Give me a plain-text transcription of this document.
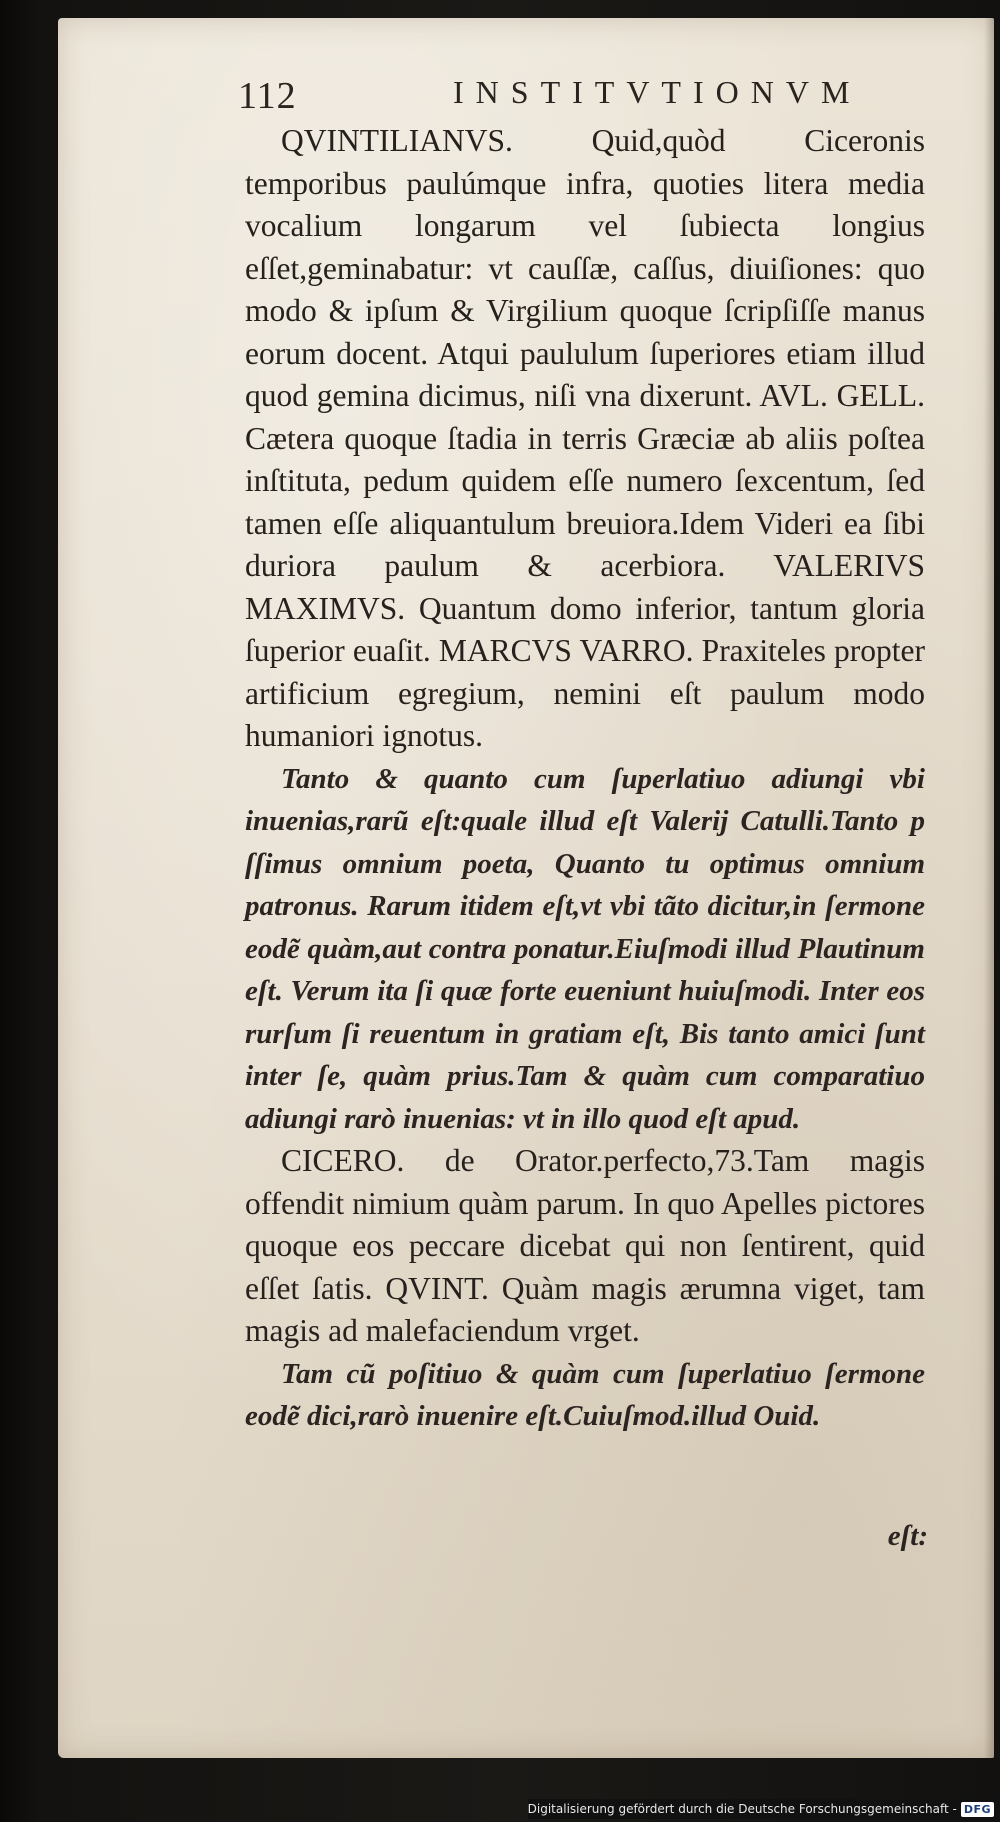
112	INSTITVTIONVM

QVINTILIANVS. Quid,quòd Ciceronis temporibus paulúmque infra, quoties litera media vocalium longarum vel ſubiecta longius eſſet,geminabatur: vt cauſſæ, caſſus, diuiſiones: quo modo & ipſum & Virgilium quoque ſcripſiſſe manus eorum docent. Atqui paululum ſuperiores etiam illud quod gemina dicimus, niſi vna dixerunt. AVL. GELL. Cætera quoque ſtadia in terris Græciæ ab aliis poſtea inſtituta, pedum quidem eſſe numero ſexcentum, ſed tamen eſſe aliquantulum breuiora.Idem Videri ea ſibi duriora paulum & acerbiora. VALERIVS MAXIMVS. Quantum domo inferior, tantum gloria ſuperior euaſit. MARCVS VARRO. Praxiteles propter artificium egregium, nemini eſt paulum modo humaniori ignotus.

Tanto & quanto cum ſuperlatiuo adiungi vbi inuenias,rarũ eſt:quale illud eſt Valerij Catulli.Tanto p ſſimus omnium poeta, Quanto tu optimus omnium patronus. Rarum itidem eſt,vt vbi tãto dicitur,in ſermone eodẽ quàm,aut contra ponatur.Eiuſmodi illud Plautinum eſt. Verum ita ſi quæ forte eueniunt huiuſmodi. Inter eos rurſum ſi reuentum in gratiam eſt, Bis tanto amici ſunt inter ſe, quàm prius.Tam & quàm cum comparatiuo adiungi rarò inuenias: vt in illo quod eſt apud.

CICERO. de Orator.perfecto,73.Tam magis offendit nimium quàm parum. In quo Apelles pictores quoque eos peccare dicebat qui non ſentirent, quid eſſet ſatis. QVINT. Quàm magis ærumna viget, tam magis ad malefaciendum vrget.

Tam cũ poſitiuo & quàm cum ſuperlatiuo ſermone eodẽ dici,rarò inuenire eſt.Cuiuſmod.illud Ouid.

eſt:
Digitalisierung gefördert durch die Deutsche Forschungsgemeinschaft - DFG
